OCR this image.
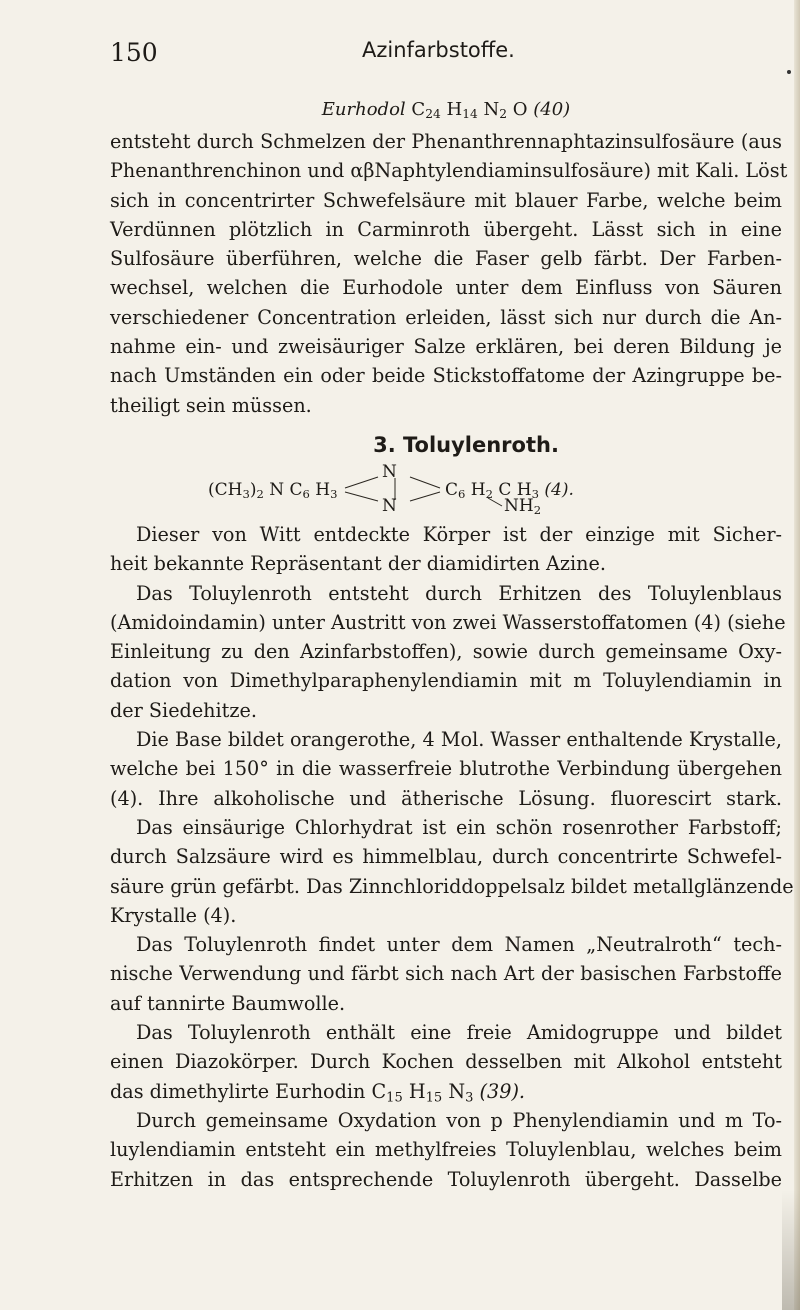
150	Azinfarbstoffe.
Eurhodol $C_{24}$ $H_{14}$ $N_2$ O (40)
entsteht durch Schmelzen der Phenanthrennaphtazinsulfosäure (aus
Phenanthrenchinon und αβNaphtylendiaminsulfosäure) mit Kali. Löst
sich in concentrirter Schwefelsäure mit blauer Farbe, welche beim
Verdünnen plötzlich in Carminroth übergeht. Lässt sich in eine
Sulfosäure überführen, welche die Faser gelb färbt. Der Farben-
wechsel, welchen die Eurhodole unter dem Einfluss von Säuren
verschiedener Concentration erleiden, lässt sich nur durch die An-
nahme ein- und zweisäuriger Salze erklären, bei deren Bildung je
nach Umständen ein oder beide Stickstoffatome der Azingruppe be-
theiligt sein müssen.
3. Toluylenroth.
$(CH_3)_2$ N $C_6$ $H_3$
N
N
$C_6$ $H_2$ C $H_3$ (4).
$NH_2$
Dieser von Witt entdeckte Körper ist der einzige mit Sicher-
heit bekannte Repräsentant der diamidirten Azine.
Das Toluylenroth entsteht durch Erhitzen des Toluylenblaus
(Amidoindamin) unter Austritt von zwei Wasserstoffatomen (4) (siehe
Einleitung zu den Azinfarbstoffen), sowie durch gemeinsame Oxy-
dation von Dimethylparaphenylendiamin mit m Toluylendiamin in
der Siedehitze.
Die Base bildet orangerothe, 4 Mol. Wasser enthaltende Krystalle,
welche bei 150° in die wasserfreie blutrothe Verbindung übergehen
(4). Ihre alkoholische und ätherische Lösung. fluorescirt stark.
Das einsäurige Chlorhydrat ist ein schön rosenrother Farbstoff;
durch Salzsäure wird es himmelblau, durch concentrirte Schwefel-
säure grün gefärbt. Das Zinnchloriddoppelsalz bildet metallglänzende
Krystalle (4).
Das Toluylenroth findet unter dem Namen „Neutralroth“ tech-
nische Verwendung und färbt sich nach Art der basischen Farbstoffe
auf tannirte Baumwolle.
Das Toluylenroth enthält eine freie Amidogruppe und bildet
einen Diazokörper. Durch Kochen desselben mit Alkohol entsteht
das dimethylirte Eurhodin $C_{15}$ $H_{15}$ $N_3$ (39).
Durch gemeinsame Oxydation von p Phenylendiamin und m To-
luylendiamin entsteht ein methylfreies Toluylenblau, welches beim
Erhitzen in das entsprechende Toluylenroth übergeht. Dasselbe
